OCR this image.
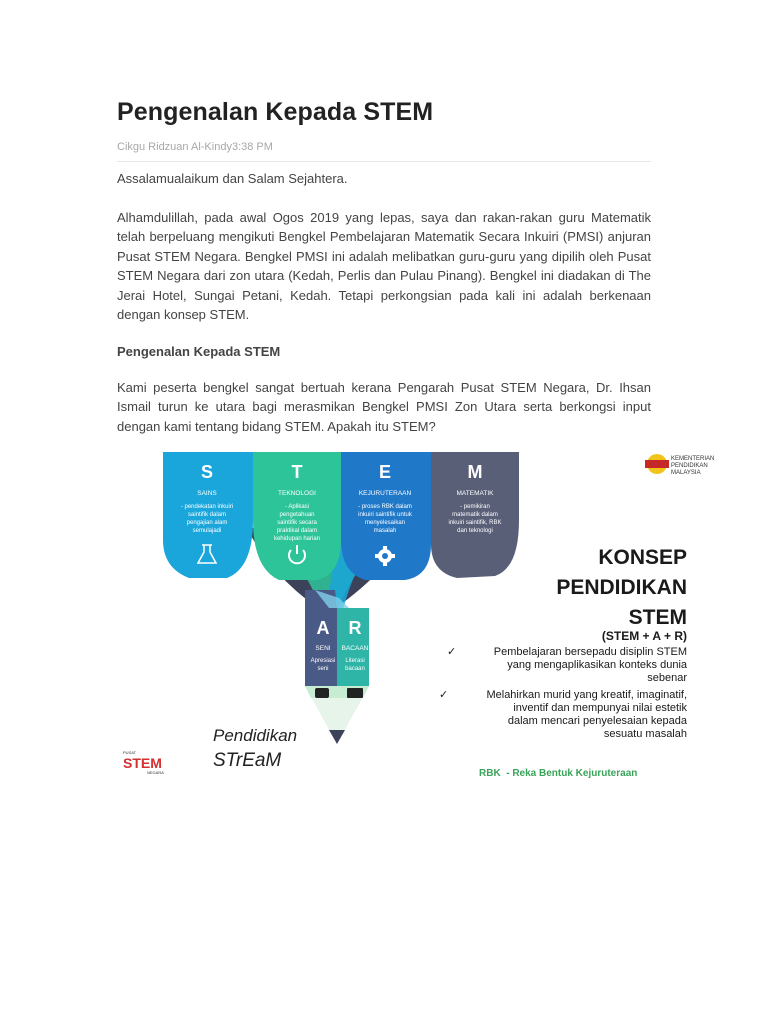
Pengenalan Kepada STEM
Cikgu Ridzuan Al-Kindy3:38 PM

Assalamualaikum dan Salam Sejahtera.

Alhamdulillah, pada awal Ogos 2019 yang lepas, saya dan rakan-rakan guru Matematik telah berpeluang mengikuti Bengkel Pembelajaran Matematik Secara Inkuiri (PMSI) anjuran Pusat STEM Negara. Bengkel PMSI ini adalah melibatkan guru-guru yang dipilih oleh Pusat STEM Negara dari zon utara (Kedah, Perlis dan Pulau Pinang). Bengkel ini diadakan di The Jerai Hotel, Sungai Petani, Kedah. Tetapi perkongsian pada kali ini adalah berkenaan dengan konsep STEM.

Pengenalan Kepada STEM

Kami peserta bengkel sangat bertuah kerana Pengarah Pusat STEM Negara, Dr. Ihsan Ismail turun ke utara bagi merasmikan Bengkel PMSI Zon Utara serta berkongsi input dengan kami tentang bidang STEM. Apakah itu STEM?

S	T	E	M
SAINS	TEKNOLOGI	KEJURUTERAAN	MATEMATIK
- pendekatan inkuiri
saintifik dalam
pengajian alam
semulajadi
- Aplikasi
pengetahuan
saintifik secara
praktikal dalam
kehidupan harian
- proses RBK dalam
inkuiri saintifik untuk
menyelesaikan
masalah
- pemikiran
matematik dalam
inkuiri saintifik, RBK
dan teknologi
A R
SENI BACAAN
Apresiasi
seni
Literasi
bacaan
Pendidikan
STrEaM
PUSAT
STEM
NEGARA
KEMENTERIAN
PENDIDIKAN
MALAYSIA
KONSEP
PENDIDIKAN
STEM
(STEM + A + R)
✓	Pembelajaran bersepadu disiplin STEM
yang mengaplikasikan konteks dunia
sebenar
✓	Melahirkan murid yang kreatif, imaginatif,
inventif dan mempunyai nilai estetik
dalam mencari penyelesaian kepada
sesuatu masalah
RBK  - Reka Bentuk Kejuruteraan
